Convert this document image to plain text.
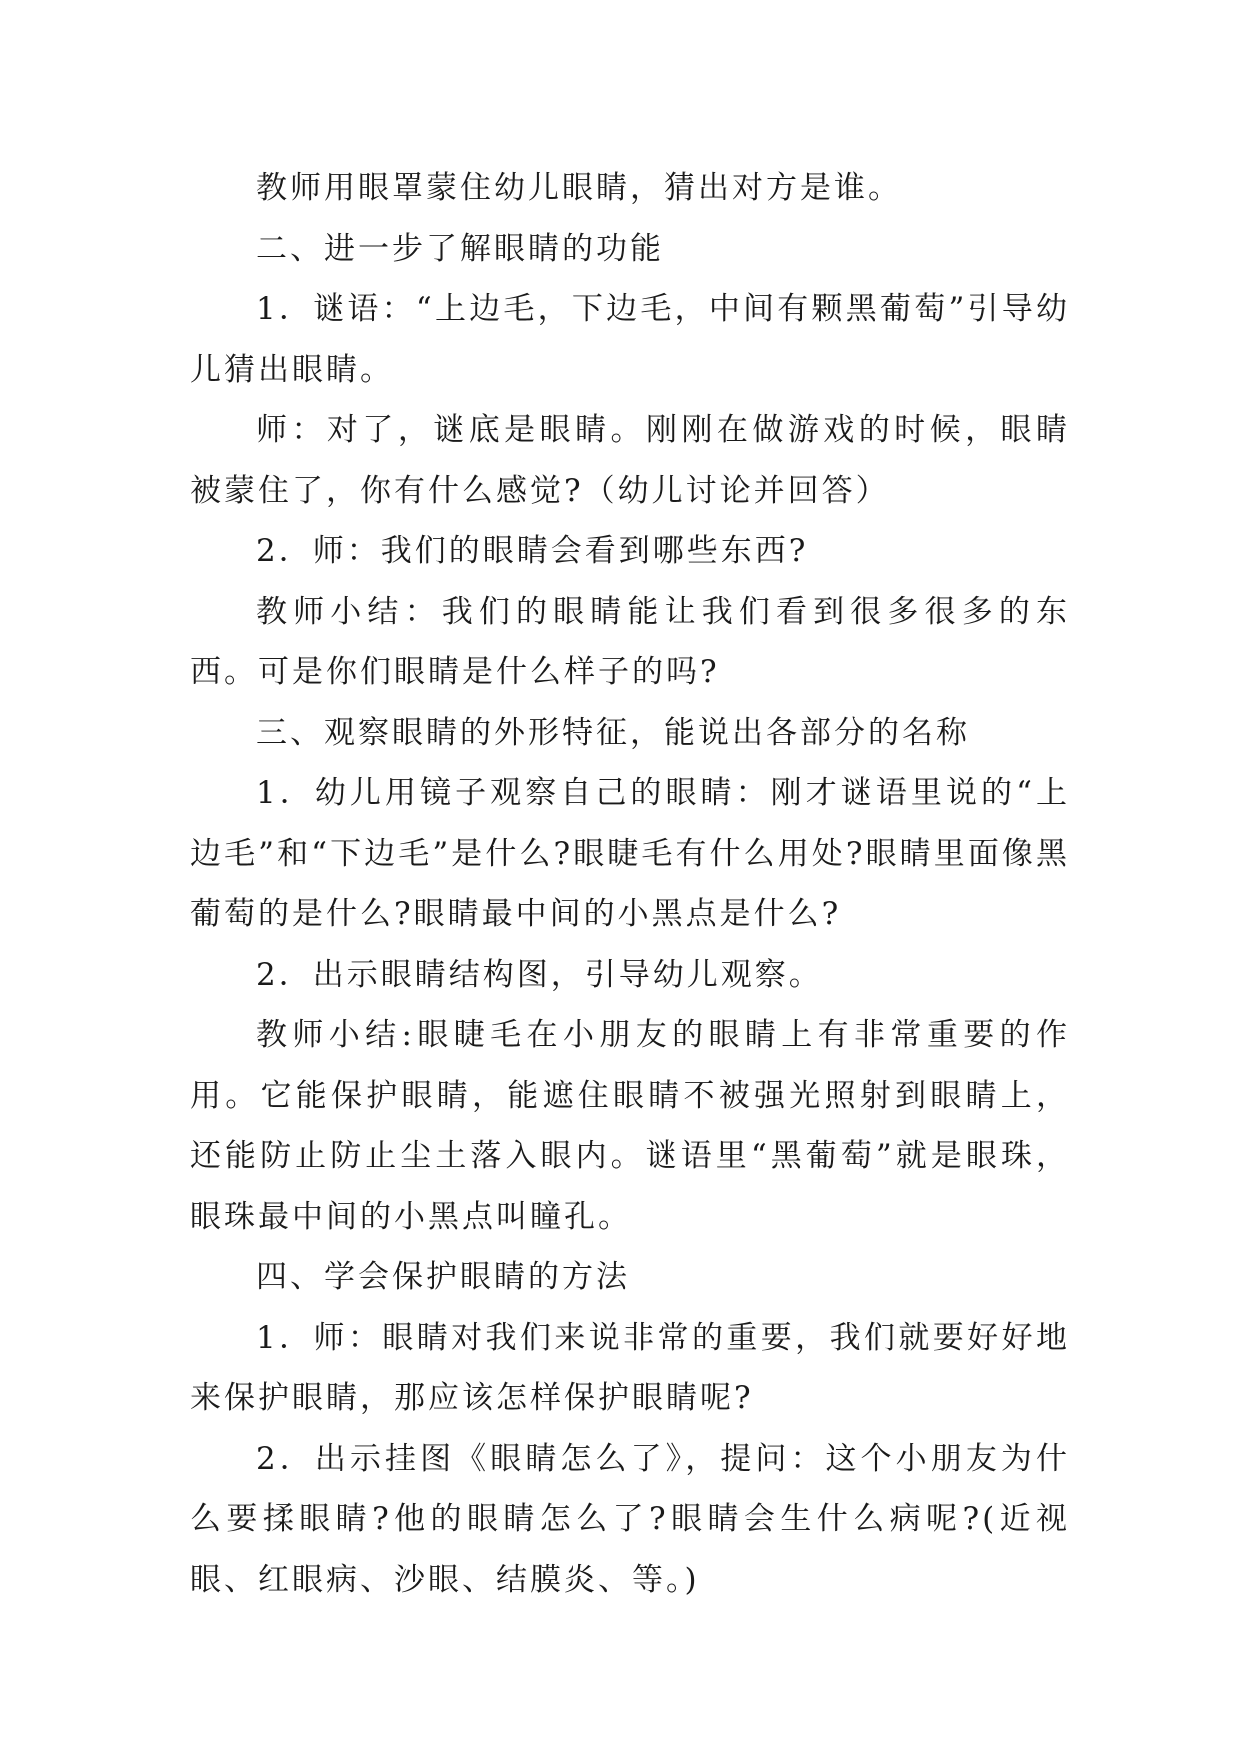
教师用眼罩蒙住幼儿眼睛，猜出对方是谁。

二、进一步了解眼睛的功能

1．谜语：“上边毛，下边毛，中间有颗黑葡萄”引导幼儿猜出眼睛。

师：对了，谜底是眼睛。刚刚在做游戏的时候，眼睛被蒙住了，你有什么感觉?（幼儿讨论并回答）

2．师：我们的眼睛会看到哪些东西?

教师小结：我们的眼睛能让我们看到很多很多的东西。可是你们眼睛是什么样子的吗?

三、观察眼睛的外形特征，能说出各部分的名称

1．幼儿用镜子观察自己的眼睛：刚才谜语里说的“上边毛”和“下边毛”是什么?眼睫毛有什么用处?眼睛里面像黑葡萄的是什么?眼睛最中间的小黑点是什么?

2．出示眼睛结构图，引导幼儿观察。

教师小结:眼睫毛在小朋友的眼睛上有非常重要的作用。它能保护眼睛，能遮住眼睛不被强光照射到眼睛上，还能防止防止尘土落入眼内。谜语里“黑葡萄”就是眼珠，眼珠最中间的小黑点叫瞳孔。

四、学会保护眼睛的方法

1．师：眼睛对我们来说非常的重要，我们就要好好地来保护眼睛，那应该怎样保护眼睛呢?

2．出示挂图《眼睛怎么了》，提问：这个小朋友为什么要揉眼睛?他的眼睛怎么了?眼睛会生什么病呢?(近视眼、红眼病、沙眼、结膜炎、等。)
